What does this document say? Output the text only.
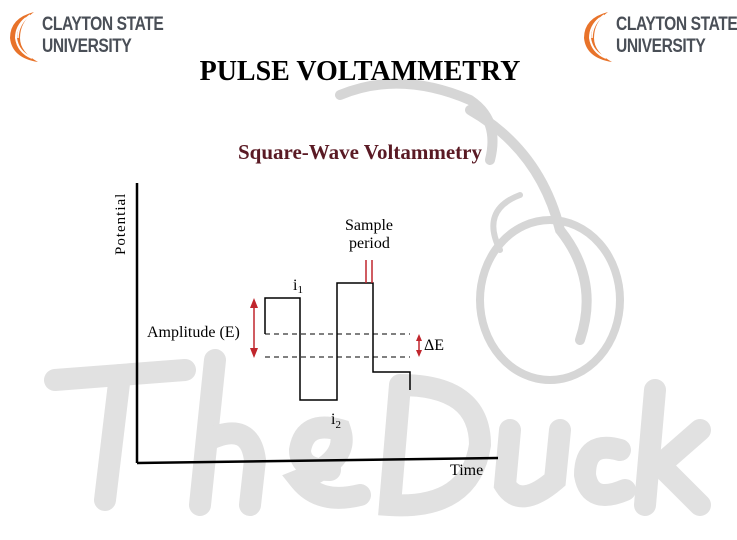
CLAYTON STATE
UNIVERSITY
CLAYTON STATE
UNIVERSITY
PULSE VOLTAMMETRY
Square-Wave Voltammetry
Potential
Time
Sample
period
Amplitude (E)
ΔE
i1
$i_2$
